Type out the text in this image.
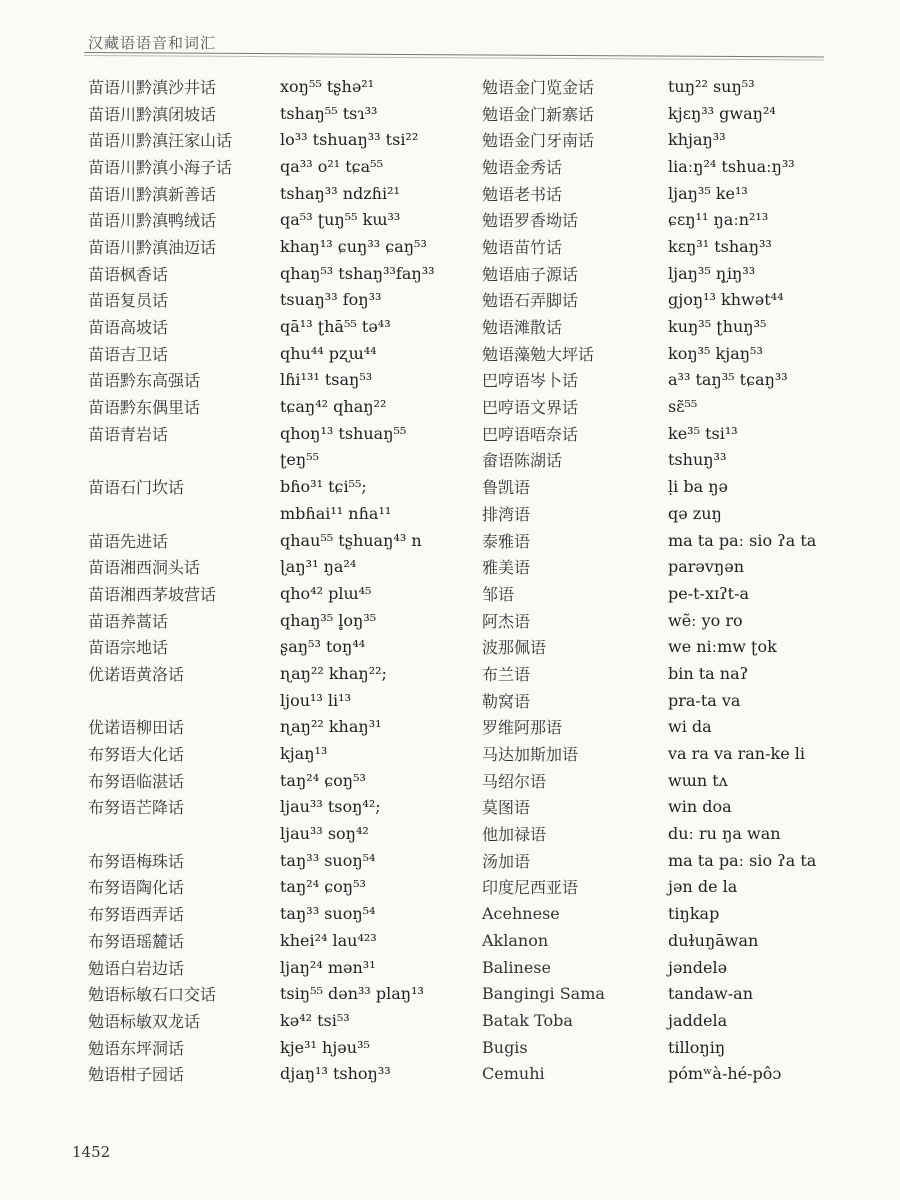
汉藏语语音和词汇
苗语川黔滇沙井话	xoŋ⁵⁵ tʂhə²¹
苗语川黔滇闭坡话	tshaŋ⁵⁵ tsɿ³³
苗语川黔滇汪家山话	lo³³ tshuaŋ³³ tsi²²
苗语川黔滇小海子话	qa³³ o²¹ tɕa⁵⁵
苗语川黔滇新善话	tshaŋ³³ ndzɦi²¹
苗语川黔滇鸭绒话	qa⁵³ ʈuŋ⁵⁵ kɯ³³
苗语川黔滇油迈话	khaŋ¹³ ɕuŋ³³ ɕaŋ⁵³
苗语枫香话	qhaŋ⁵³ tshaŋ³³faŋ³³
苗语复员话	tsuaŋ³³ foŋ³³
苗语高坡话	qā¹³ ʈhā⁵⁵ tə⁴³
苗语吉卫话	qhu⁴⁴ pʐɯ⁴⁴
苗语黔东高强话	lɦi¹³¹ tsaŋ⁵³
苗语黔东偶里话	tɕaŋ⁴² qhaŋ²²
苗语青岩话	qhoŋ¹³ tshuaŋ⁵⁵
ʈeŋ⁵⁵
苗语石门坎话	bɦo³¹ tɕi⁵⁵;
mbɦai¹¹ nɦa¹¹
苗语先进话	qhau⁵⁵ tʂhuaŋ⁴³ n
苗语湘西洞头话	ɭaŋ³¹ ŋa²⁴
苗语湘西茅坡营话	qho⁴² plɯ⁴⁵
苗语养蒿话	qhaŋ³⁵ l̥oŋ³⁵
苗语宗地话	ʂaŋ⁵³ toŋ⁴⁴
优诺语黄洛话	ɳaŋ²² khaŋ²²;
ljou¹³ li¹³
优诺语柳田话	ɳaŋ²² khaŋ³¹
布努语大化话	kjaŋ¹³
布努语临湛话	taŋ²⁴ ɕoŋ⁵³
布努语芒降话	ljau³³ tsoŋ⁴²;
ljau³³ soŋ⁴²
布努语梅珠话	taŋ³³ suoŋ⁵⁴
布努语陶化话	taŋ²⁴ ɕoŋ⁵³
布努语西弄话	taŋ³³ suoŋ⁵⁴
布努语瑶麓话	khei²⁴ lau⁴²³
勉语白岩边话	ljaŋ²⁴ mən³¹
勉语标敏石口交话	tsiŋ⁵⁵ dən³³ plaŋ¹³
勉语标敏双龙话	kə⁴² tsi⁵³
勉语东坪洞话	kje³¹ hjəu³⁵
勉语柑子园话	djaŋ¹³ tshoŋ³³
勉语金门览金话	tuŋ²² suŋ⁵³
勉语金门新寨话	kjɛŋ³³ gwaŋ²⁴
勉语金门牙南话	khjaŋ³³
勉语金秀话	liaːŋ²⁴ tshuaːŋ³³
勉语老书话	ljaŋ³⁵ ke¹³
勉语罗香坳话	ɕɛŋ¹¹ ŋaːn²¹³
勉语苗竹话	kɛŋ³¹ tshaŋ³³
勉语庙子源话	ljaŋ³⁵ ɳ̥iŋ³³
勉语石弄脚话	gjoŋ¹³ khwət⁴⁴
勉语滩散话	kuŋ³⁵ ʈhuŋ³⁵
勉语藻勉大坪话	koŋ³⁵ kjaŋ⁵³
巴哼语岑卜话	a³³ taŋ³⁵ tɕaŋ³³
巴哼语文界话	sɛ̃⁵⁵
巴哼语唔奈话	ke³⁵ tsi¹³
畲语陈湖话	tshuŋ³³
鲁凯语	ḷi ba ŋə
排湾语	qə zuŋ
泰雅语	ma ta paː sio ʔa ta
雅美语	parəvŋən
邹语	pe-t-xɪʔt-a
阿杰语	wẽː yo ro
波那佩语	we niːmw ʈok
布兰语	bin ta naʔ
勒窝语	pra-ta va
罗维阿那语	wi da
马达加斯加语	va ra va ran-ke li
马绍尔语	wɯn tʌ
莫图语	win doa
他加禄语	duː ru ŋa wan
汤加语	ma ta paː sio ʔa ta
印度尼西亚语	jən de la
Acehnese	tiŋkap
Aklanon	duɫuŋāwan
Balinese	jəndelə
Bangingi Sama	tandaw-an
Batak Toba	jaddela
Bugis	tilloŋiŋ
Cemuhi	pómʷà-hé-pôɔ
1452
